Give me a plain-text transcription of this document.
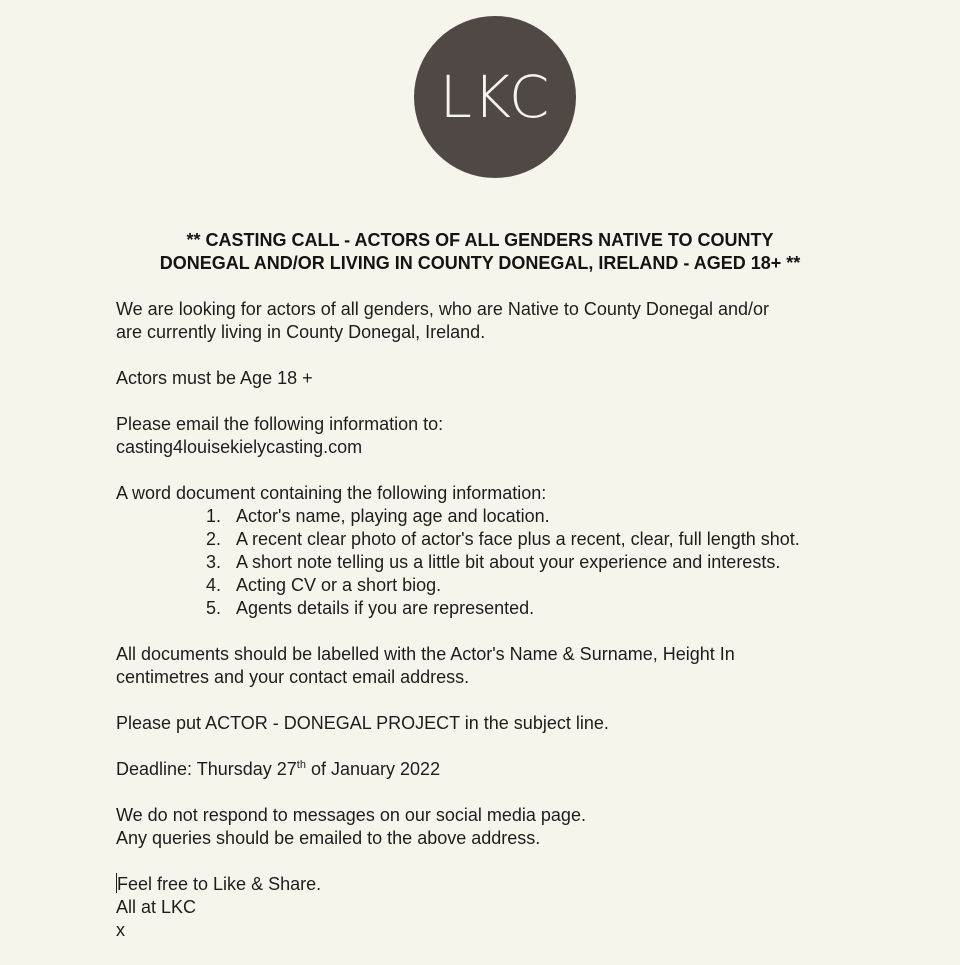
LKC
** CASTING CALL - ACTORS OF ALL GENDERS NATIVE TO COUNTY
DONEGAL AND/OR LIVING IN COUNTY DONEGAL, IRELAND - AGED 18+ **
We are looking for actors of all genders, who are Native to County Donegal and/or
are currently living in County Donegal, Ireland.
Actors must be Age 18 +
Please email the following information to:
casting4louisekielycasting.com
A word document containing the following information:
1. Actor's name, playing age and location.
2. A recent clear photo of actor's face plus a recent, clear, full length shot.
3. A short note telling us a little bit about your experience and interests.
4. Acting CV or a short biog.
5. Agents details if you are represented.
All documents should be labelled with the Actor's Name & Surname, Height In
centimetres and your contact email address.
Please put ACTOR - DONEGAL PROJECT in the subject line.
Deadline: Thursday 27th of January 2022
We do not respond to messages on our social media page.
Any queries should be emailed to the above address.
Feel free to Like & Share.
All at LKC
x
